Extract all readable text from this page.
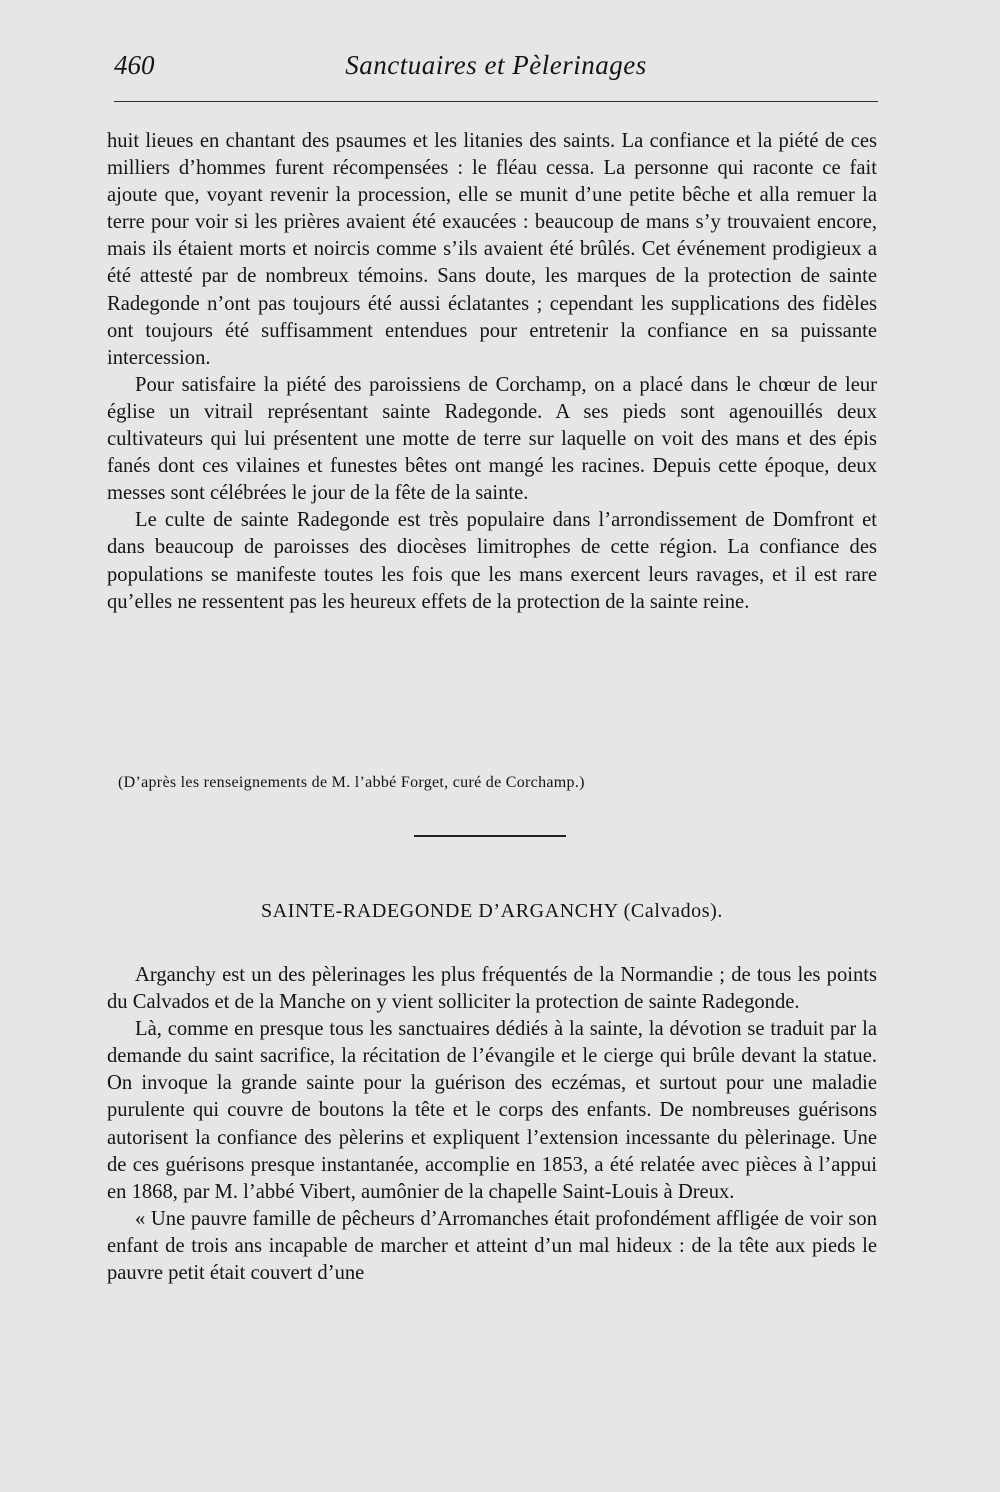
460	Sanctuaires et Pèlerinages

huit lieues en chantant des psaumes et les litanies des saints. La confiance et la piété de ces milliers d’hommes furent récompensées : le fléau cessa. La personne qui raconte ce fait ajoute que, voyant revenir la procession, elle se munit d’une petite bêche et alla remuer la terre pour voir si les prières avaient été exaucées : beaucoup de mans s’y trouvaient encore, mais ils étaient morts et noircis comme s’ils avaient été brûlés. Cet événement prodigieux a été attesté par de nombreux témoins. Sans doute, les marques de la protection de sainte Radegonde n’ont pas toujours été aussi éclatantes ; cependant les supplications des fidèles ont toujours été suffisamment entendues pour entretenir la confiance en sa puissante intercession.

Pour satisfaire la piété des paroissiens de Corchamp, on a placé dans le chœur de leur église un vitrail représentant sainte Radegonde. A ses pieds sont agenouillés deux cultivateurs qui lui présentent une motte de terre sur laquelle on voit des mans et des épis fanés dont ces vilaines et funestes bêtes ont mangé les racines. Depuis cette époque, deux messes sont célébrées le jour de la fête de la sainte.

Le culte de sainte Radegonde est très populaire dans l’arrondissement de Domfront et dans beaucoup de paroisses des diocèses limitrophes de cette région. La confiance des populations se manifeste toutes les fois que les mans exercent leurs ravages, et il est rare qu’elles ne ressentent pas les heureux effets de la protection de la sainte reine.

(D’après les renseignements de M. l’abbé Forget, curé de Corchamp.)
SAINTE-RADEGONDE D’ARGANCHY (Calvados).

Arganchy est un des pèlerinages les plus fréquentés de la Normandie ; de tous les points du Calvados et de la Manche on y vient solliciter la protection de sainte Radegonde.

Là, comme en presque tous les sanctuaires dédiés à la sainte, la dévotion se traduit par la demande du saint sacrifice, la récitation de l’évangile et le cierge qui brûle devant la statue. On invoque la grande sainte pour la guérison des eczémas, et surtout pour une maladie purulente qui couvre de boutons la tête et le corps des enfants. De nombreuses guérisons autorisent la confiance des pèlerins et expliquent l’extension incessante du pèlerinage. Une de ces guérisons presque instantanée, accomplie en 1853, a été relatée avec pièces à l’appui en 1868, par M. l’abbé Vibert, aumônier de la chapelle Saint-Louis à Dreux.

« Une pauvre famille de pêcheurs d’Arromanches était profondément affligée de voir son enfant de trois ans incapable de marcher et atteint d’un mal hideux : de la tête aux pieds le pauvre petit était couvert d’une
